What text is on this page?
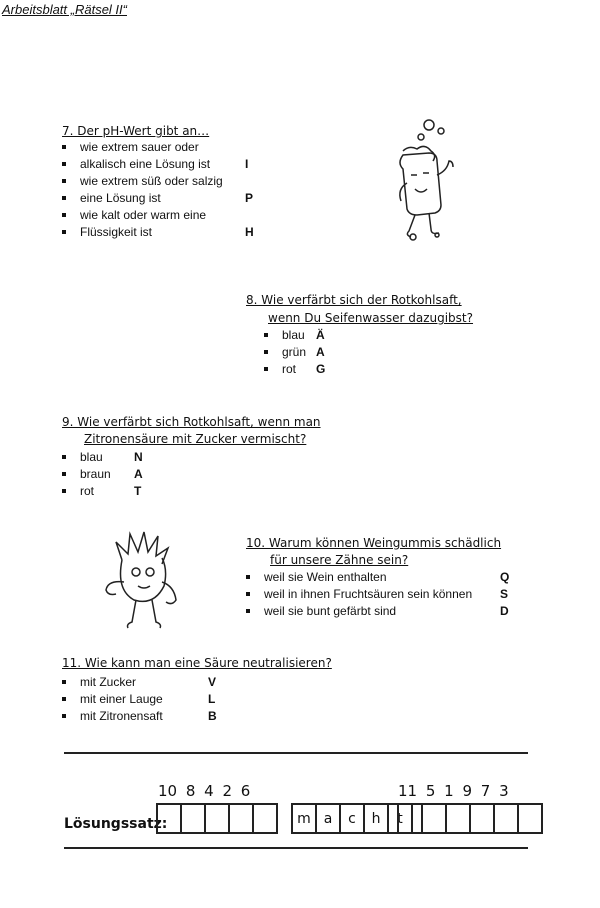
Arbeitsblatt „Rätsel II“
7. Der pH-Wert gibt an…
wie extrem sauer oder
alkalisch eine Lösung ist	I
wie extrem süß oder salzig
eine Lösung ist	P
wie kalt oder warm eine
Flüssigkeit ist	H
8. Wie verfärbt sich der Rotkohlsaft,
wenn Du Seifenwasser dazugibst?
blau Ä
grün A
rot	G
9. Wie verfärbt sich Rotkohlsaft, wenn man
Zitronensäure mit Zucker vermischt?
blau	N
braun	A
rot	T
10. Warum können Weingummis schädlich
für unsere Zähne sein?
weil sie Wein enthalten	Q
weil in ihnen Fruchtsäuren sein können	S
weil sie bunt gefärbt sind	D
11. Wie kann man eine Säure neutralisieren?
mit Zucker	V
mit einer Lauge	L
mit Zitronensaft	B
10 8 4 2 6	11 5 1 9 7 3
Lösungssatz:	m a	c	h	t
